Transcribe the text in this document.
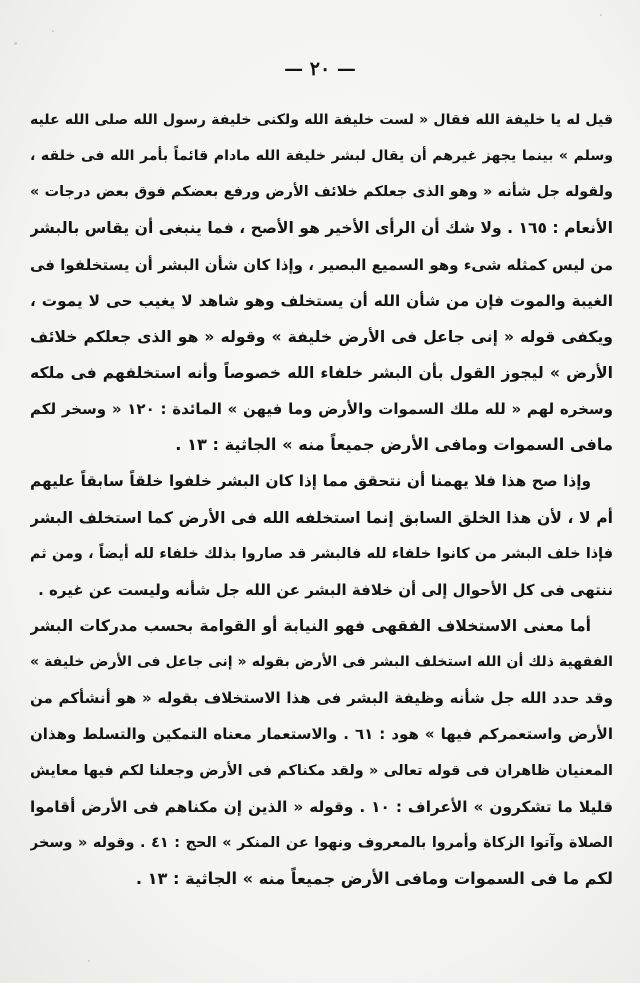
— ٢٠ —
قيل له يا خليفة الله فقال « لست خليفة الله ولكنى خليفة رسول الله صلى الله عليه
وسلم » بينما يجهز غيرهم أن يقال لبشر خليفة الله مادام قائماً بأمر الله فى خلقه ،
ولقوله جل شأنه « وهو الذى جعلكم خلائف الأرض ورفع بعضكم فوق بعض درجات »
الأنعام : ١٦٥ . ولا شك أن الرأى الأخير هو الأصح ، فما ينبغى أن يقاس بالبشر
من ليس كمثله شىء وهو السميع البصير ، وإذا كان شأن البشر أن يستخلفوا فى
الغيبة والموت فإن من شأن الله أن يستخلف وهو شاهد لا يغيب حى لا يموت ،
ويكفى قوله « إنى جاعل فى الأرض خليفة » وقوله « هو الذى جعلكم خلائف
الأرض » ليجوز القول بأن البشر خلفاء الله خصوصاً وأنه استخلفهم فى ملكه
وسخره لهم « لله ملك السموات والأرض وما فيهن » المائدة : ١٢٠ « وسخر لكم
مافى السموات ومافى الأرض جميعاً منه » الجاثية : ١٣ .
وإذا صح هذا فلا يهمنا أن نتحقق مما إذا كان البشر خلفوا خلقاً سابقاً عليهم
أم لا ، لأن هذا الخلق السابق إنما استخلفه الله فى الأرض كما استخلف البشر
فإذا خلف البشر من كانوا خلفاء لله فالبشر قد صاروا بذلك خلفاء لله أيضاً ، ومن ثم
ننتهى فى كل الأحوال إلى أن خلافة البشر عن الله جل شأنه وليست عن غيره .
أما معنى الاستخلاف الفقهى فهو النيابة أو القوامة بحسب مدركات البشر
الفقهية ذلك أن الله استخلف البشر فى الأرض بقوله « إنى جاعل فى الأرض خليفة »
وقد حدد الله جل شأنه وظيفة البشر فى هذا الاستخلاف بقوله « هو أنشأكم من
الأرض واستعمركم فيها » هود : ٦١ . والاستعمار معناه التمكين والتسلط وهذان
المعنيان ظاهران فى قوله تعالى « ولقد مكناكم فى الأرض وجعلنا لكم فيها معايش
قليلا ما تشكرون » الأعراف : ١٠ . وقوله « الذين إن مكناهم فى الأرض أقاموا
الصلاة وآتوا الزكاة وأمروا بالمعروف ونهوا عن المنكر » الحج : ٤١ . وقوله « وسخر
لكم ما فى السموات ومافى الأرض جميعاً منه » الجاثية : ١٣ .
